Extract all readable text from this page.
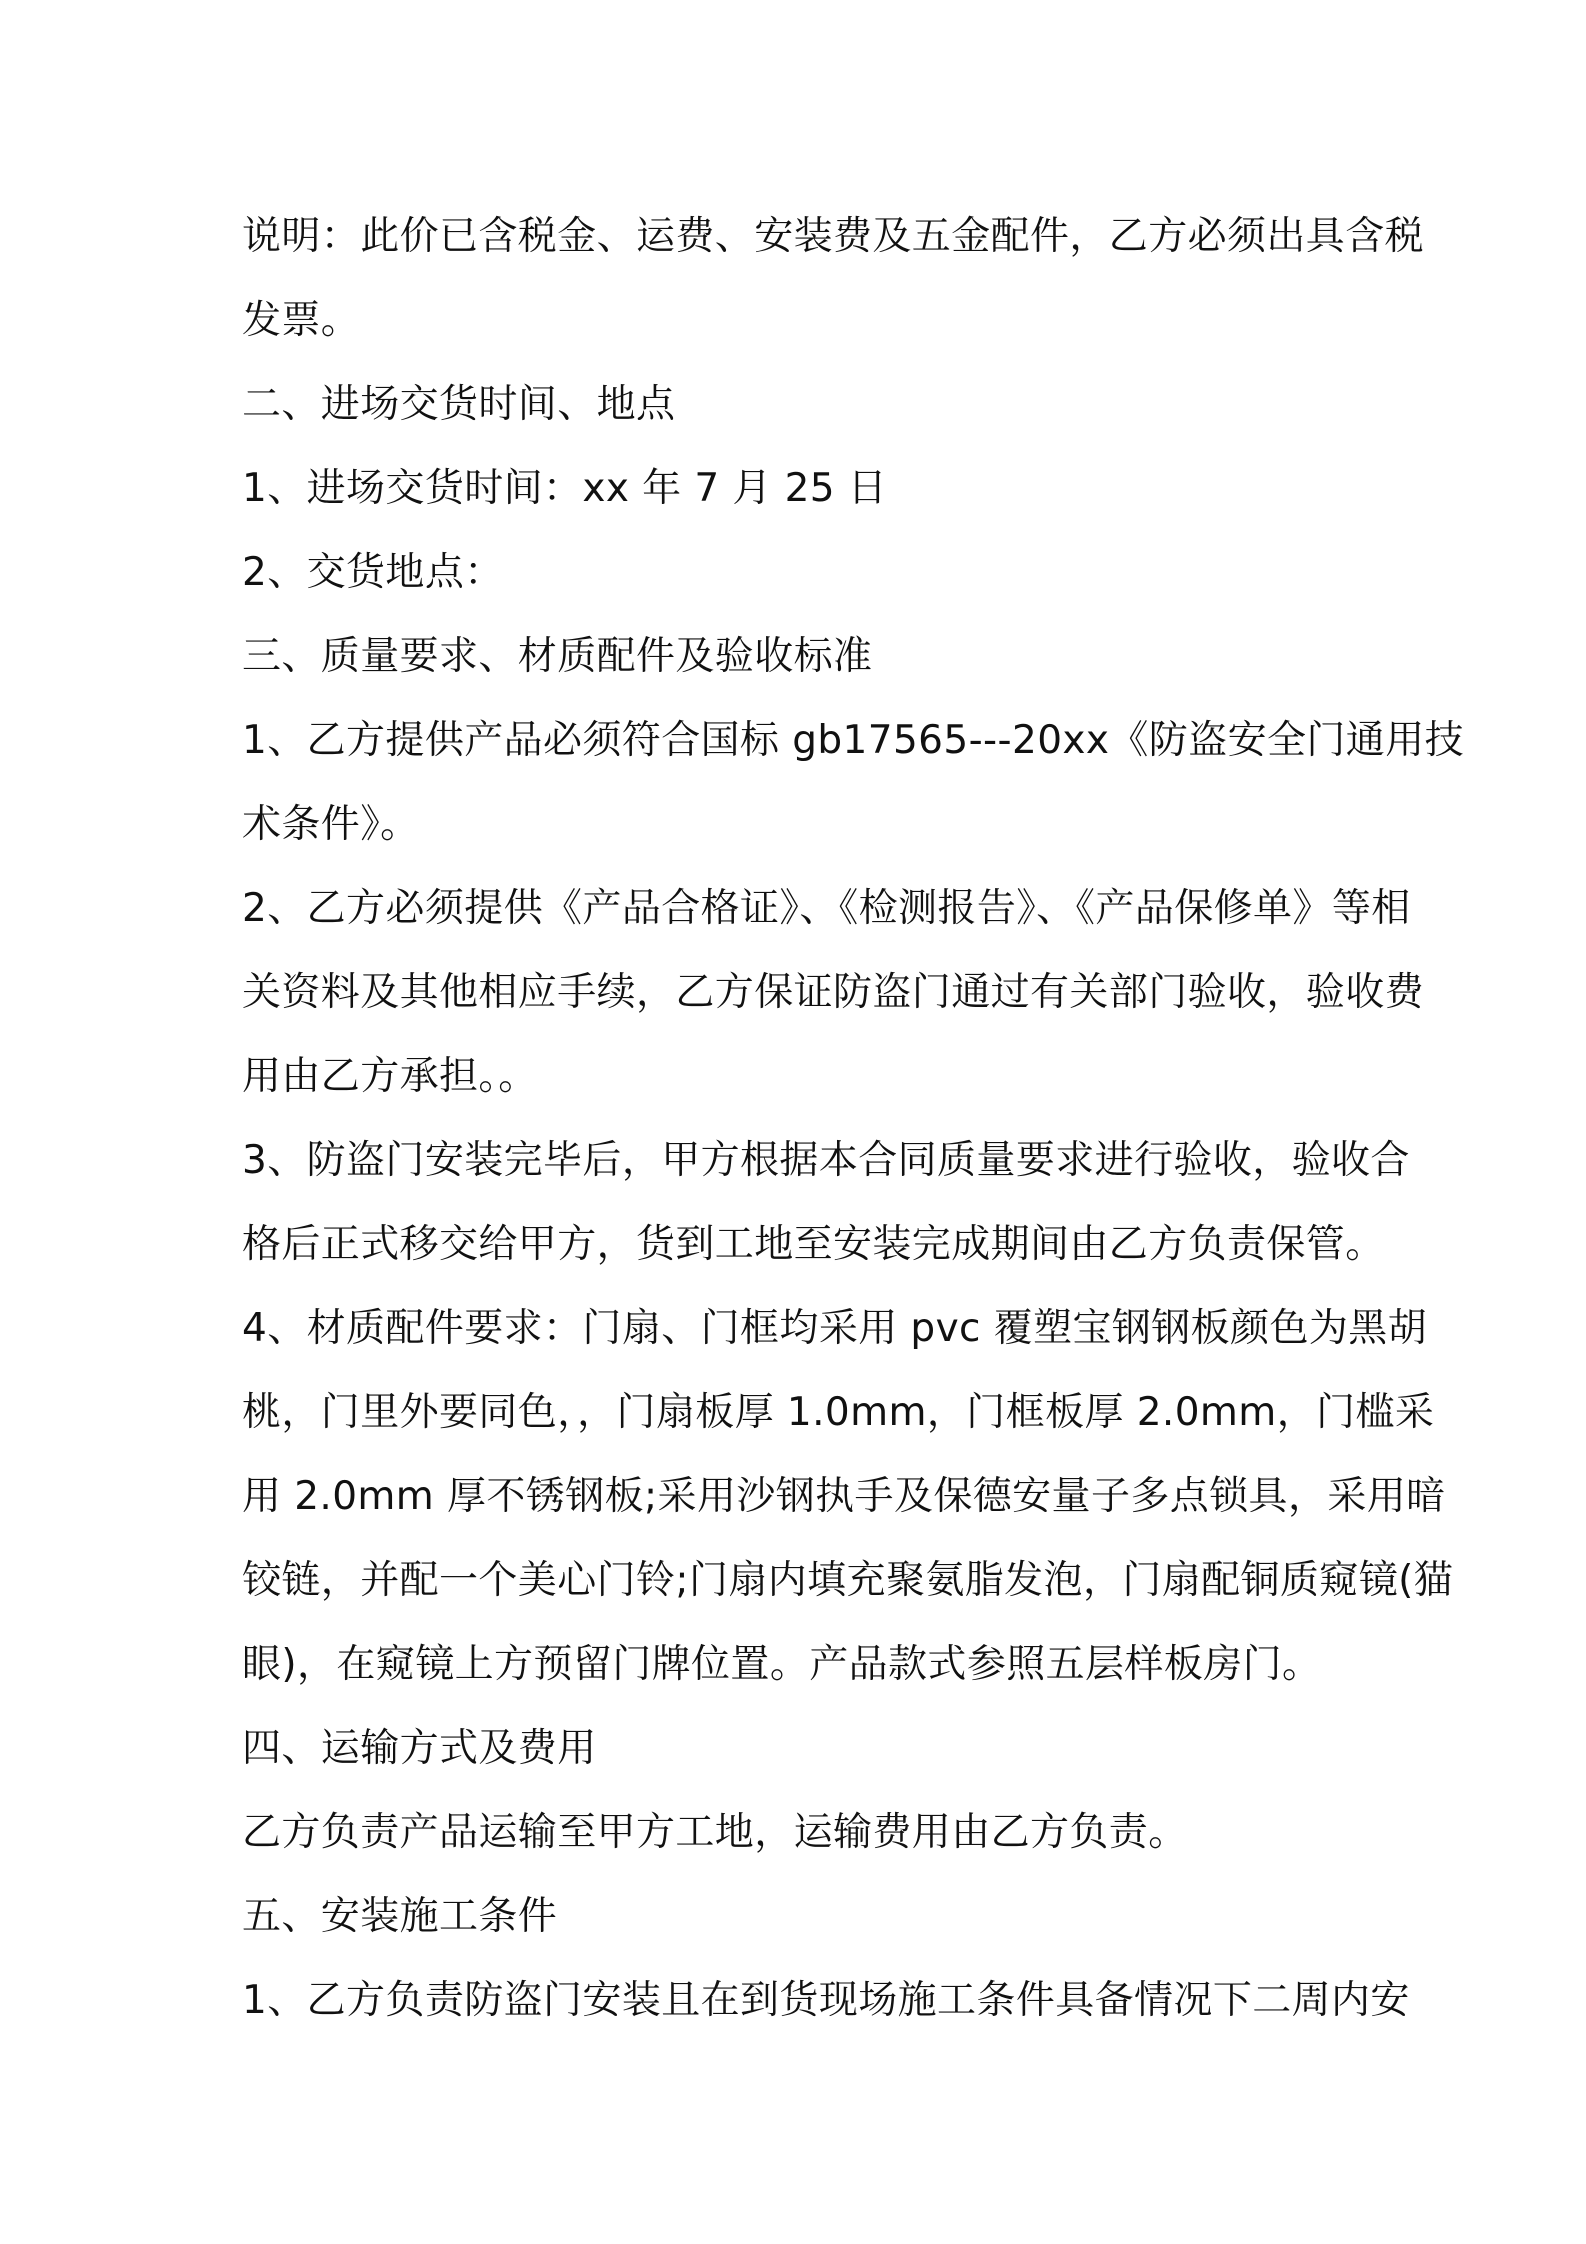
说明：此价已含税金、运费、安装费及五金配件，乙方必须出具含税

发票。

二、进场交货时间、地点

1、进场交货时间：xx 年 7 月 25 日

2、交货地点：

三、质量要求、材质配件及验收标准

1、乙方提供产品必须符合国标 gb17565---20xx《防盗安全门通用技

术条件》。

2、乙方必须提供《产品合格证》、《检测报告》、《产品保修单》等相

关资料及其他相应手续，乙方保证防盗门通过有关部门验收，验收费

用由乙方承担。。

3、防盗门安装完毕后，甲方根据本合同质量要求进行验收，验收合

格后正式移交给甲方，货到工地至安装完成期间由乙方负责保管。

4、材质配件要求：门扇、门框均采用 pvc 覆塑宝钢钢板颜色为黑胡

桃，门里外要同色，，门扇板厚 1.0mm，门框板厚 2.0mm，门槛采

用 2.0mm 厚不锈钢板;采用沙钢执手及保德安量子多点锁具，采用暗

铰链，并配一个美心门铃;门扇内填充聚氨脂发泡，门扇配铜质窥镜(猫

眼)，在窥镜上方预留门牌位置。产品款式参照五层样板房门。

四、运输方式及费用

乙方负责产品运输至甲方工地，运输费用由乙方负责。

五、安装施工条件

1、乙方负责防盗门安装且在到货现场施工条件具备情况下二周内安
